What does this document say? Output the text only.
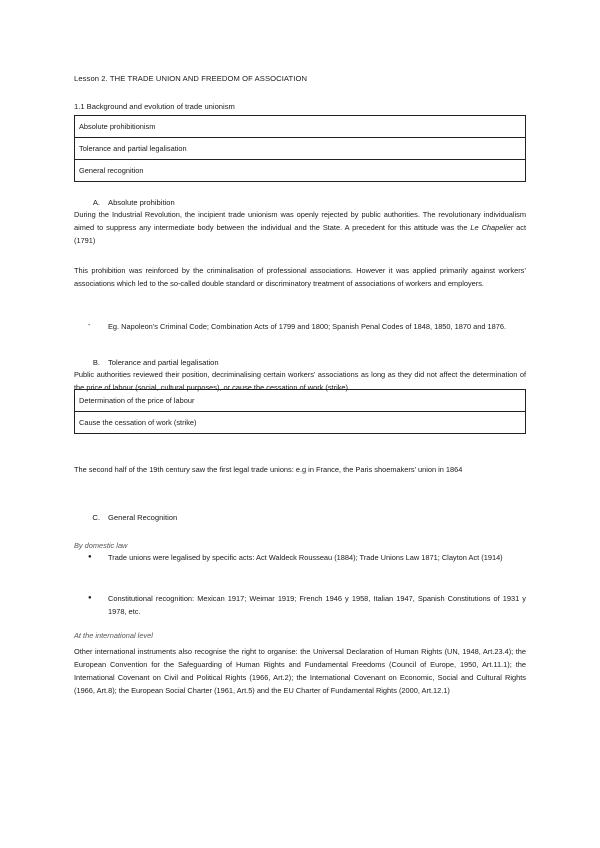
Lesson 2. THE TRADE UNION AND FREEDOM OF ASSOCIATION
1.1 Background and evolution of trade unionism
Absolute prohibitionism
Tolerance and partial legalisation
General recognition
A. Absolute prohibition

During the Industrial Revolution, the incipient trade unionism was openly rejected by public authorities. The revolutionary individualism aimed to suppress any intermediate body between the individual and the State. A precedent for this attitude was the Le Chapelier act (1791)

This prohibition was reinforced by the criminalisation of professional associations. However it was applied primarily against workers’ associations which led to the so-called double standard or discriminatory treatment of associations of workers and employers.

-	Eg. Napoleon’s Criminal Code; Combination Acts of 1799 and 1800; Spanish Penal Codes of 1848, 1850, 1870 and 1876.
B. Tolerance and partial legalisation

Public authorities reviewed their position, decriminalising certain workers’ associations as long as they did not affect the determination of the price of labour (social, cultural purposes), or cause the cessation of work (strike)

Determination of the price of labour
Cause the cessation of work (strike)

The second half of the 19th century saw the first legal trade unions: e.g in France, the Paris shoemakers’ union in 1864

C. General Recognition
By domestic law
●	Trade unions were legalised by specific acts: Act Waldeck Rousseau (1884); Trade Unions Law 1871; Clayton Act (1914)
●	Constitutional recognition: Mexican 1917; Weimar 1919; French 1946 y 1958, Italian 1947, Spanish Constitutions of 1931 y 1978, etc.
At the international level

Other international instruments also recognise the right to organise: the Universal Declaration of Human Rights (UN, 1948, Art.23.4); the European Convention for the Safeguarding of Human Rights and Fundamental Freedoms (Council of Europe, 1950, Art.11.1); the International Covenant on Civil and Political Rights (1966, Art.2); the International Covenant on Economic, Social and Cultural Rights (1966, Art.8); the European Social Charter (1961, Art.5) and the EU Charter of Fundamental Rights (2000, Art.12.1)
